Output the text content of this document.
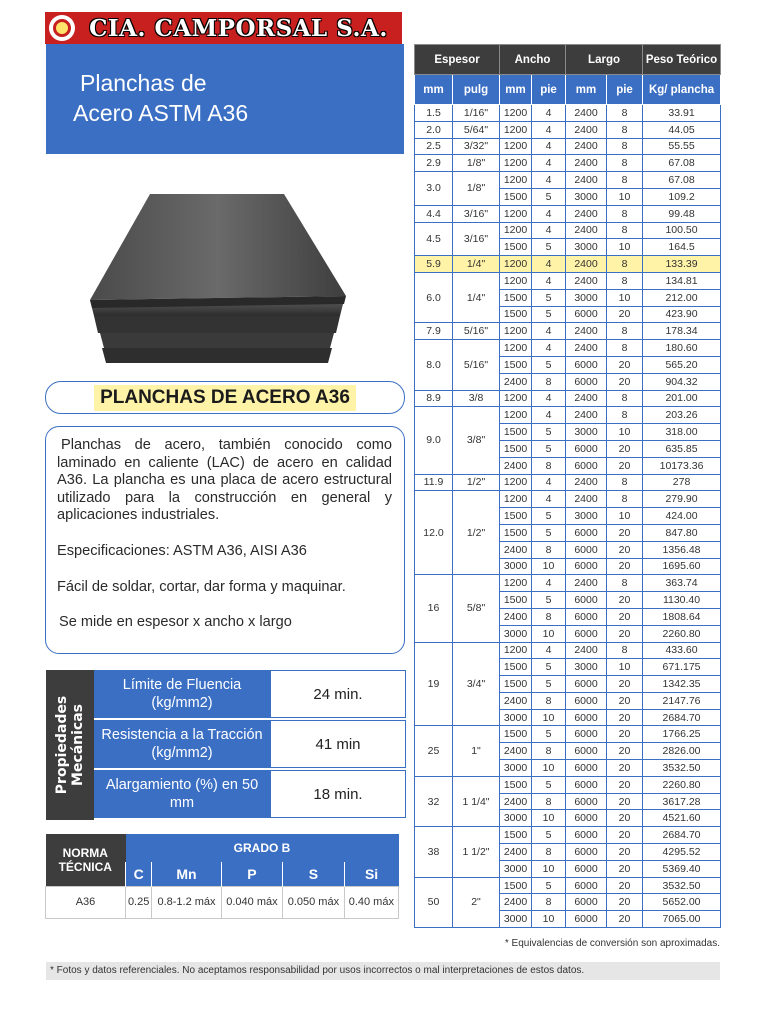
CIA. CAMPORSAL S.A.
Planchas de
Acero ASTM A36
PLANCHAS DE ACERO A36

Planchas de acero, también conocido como laminado en caliente (LAC) de acero en calidad A36. La plancha es una placa de acero estructural utilizado para la construcción en general y aplicaciones industriales.

Especificaciones: ASTM A36, AISI A36

Fácil de soldar, cortar, dar forma y maquinar.

Se mide en espesor x ancho x largo

Propiedades
Mecánicas
Límite de Fluencia (kg/mm2)
24 min.
Resistencia a la Tracción (kg/mm2)
41 min
Alargamiento (%) en 50 mm
18 min.
NORMA TÉCNICA	GRADO B				
	C	Mn	P	S	Si
A36	0.25	0.8-1.2 máx	0.040 máx	0.050 máx	0.40 máx
Espesor		Ancho		Largo		Peso Teórico
mm	pulg	mm	pie	mm	pie	Kg/ plancha
1.5	1/16"	1200	4	2400	8	33.91
2.0	5/64"	1200	4	2400	8	44.05
2.5	3/32"	1200	4	2400	8	55.55
2.9	1/8"	1200	4	2400	8	67.08
3.0	1/8"	1200	4	2400	8	67.08
		1500	5	3000	10	109.2
4.4	3/16"	1200	4	2400	8	99.48
4.5	3/16"	1200	4	2400	8	100.50
		1500	5	3000	10	164.5
5.9	1/4"	1200	4	2400	8	133.39
6.0	1/4"	1200	4	2400	8	134.81
		1500	5	3000	10	212.00
		1500	5	6000	20	423.90
7.9	5/16"	1200	4	2400	8	178.34
8.0	5/16"	1200	4	2400	8	180.60
		1500	5	6000	20	565.20
		2400	8	6000	20	904.32
8.9	3/8	1200	4	2400	8	201.00
9.0	3/8"	1200	4	2400	8	203.26
		1500	5	3000	10	318.00
		1500	5	6000	20	635.85
		2400	8	6000	20	10173.36
11.9	1/2"	1200	4	2400	8	278
12.0	1/2"	1200	4	2400	8	279.90
		1500	5	3000	10	424.00
		1500	5	6000	20	847.80
		2400	8	6000	20	1356.48
		3000	10	6000	20	1695.60
16	5/8"	1200	4	2400	8	363.74
		1500	5	6000	20	1130.40
		2400	8	6000	20	1808.64
		3000	10	6000	20	2260.80
19	3/4"	1200	4	2400	8	433.60
		1500	5	3000	10	671.175
		1500	5	6000	20	1342.35
		2400	8	6000	20	2147.76
		3000	10	6000	20	2684.70
25	1"	1500	5	6000	20	1766.25
		2400	8	6000	20	2826.00
		3000	10	6000	20	3532.50
32	1 1/4"	1500	5	6000	20	2260.80
		2400	8	6000	20	3617.28
		3000	10	6000	20	4521.60
38	1 1/2"	1500	5	6000	20	2684.70
		2400	8	6000	20	4295.52
		3000	10	6000	20	5369.40
50	2"	1500	5	6000	20	3532.50
		2400	8	6000	20	5652.00
		3000	10	6000	20	7065.00
* Equivalencias de conversión son aproximadas.
* Fotos y datos referenciales. No aceptamos responsabilidad por usos incorrectos o mal interpretaciones de estos datos.
